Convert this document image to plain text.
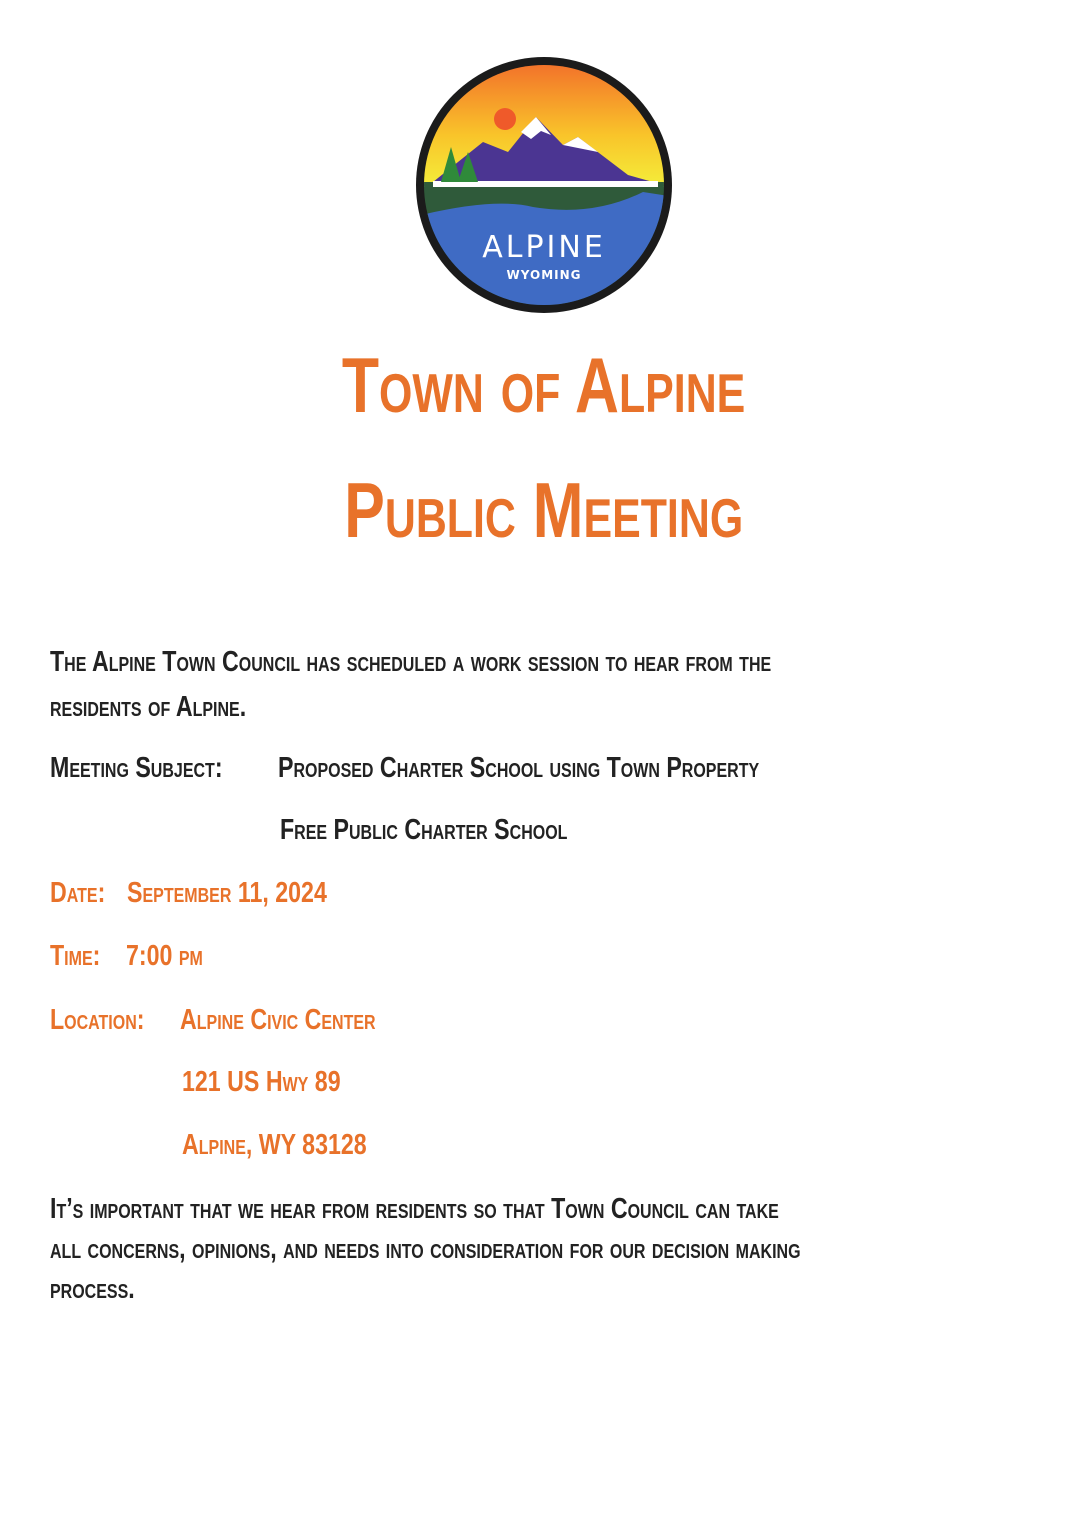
ALPINE
WYOMING
Town of Alpine
Public Meeting
The Alpine Town Council has scheduled a work session to hear from the
residents of Alpine.
Meeting Subject: Proposed Charter School using Town Property
Free Public Charter School
Date: September 11, 2024
Time: 7:00 pm
Location: Alpine Civic Center
121 US Hwy 89
Alpine, WY 83128
It’s important that we hear from residents so that Town Council can take
all concerns, opinions, and needs into consideration for our decision making
process.
